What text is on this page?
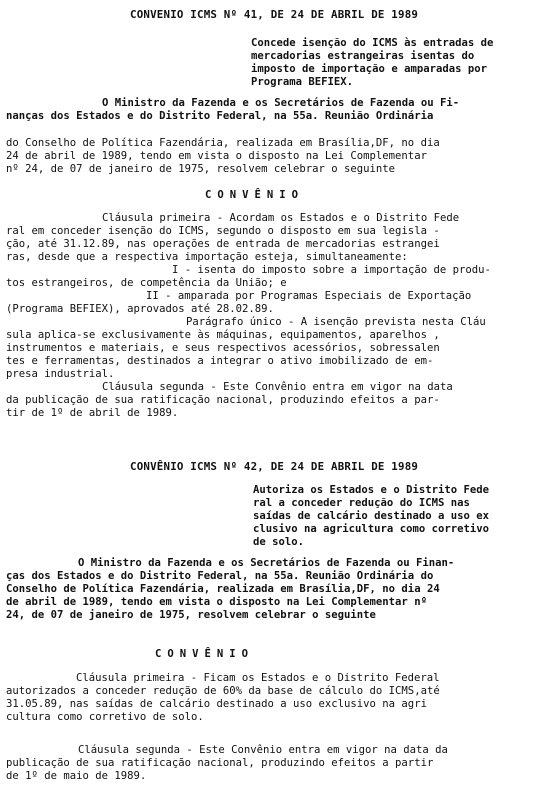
CONVENIO ICMS Nº 41, DE 24 DE ABRIL DE 1989
Concede isenção do ICMS às entradas de
mercadorias estrangeiras isentas do
imposto de importação e amparadas por
Programa BEFIEX.
O Ministro da Fazenda e os Secretários de Fazenda ou Fi-
nanças dos Estados e do Distrito Federal, na 55a. Reunião Ordinária
do Conselho de Política Fazendária, realizada em Brasília,DF, no dia
24 de abril de 1989, tendo em vista o disposto na Lei Complementar
nº 24, de 07 de janeiro de 1975, resolvem celebrar o seguinte
CONVÊNIO
Cláusula primeira - Acordam os Estados e o Distrito Fede
ral em conceder isenção do ICMS, segundo o disposto em sua legisla -
ção, até 31.12.89, nas operações de entrada de mercadorias estrangei
ras, desde que a respectiva importação esteja, simultaneamente:
I - isenta do imposto sobre a importação de produ-
tos estrangeiros, de competência da União; e
II - amparada por Programas Especiais de Exportação
(Programa BEFIEX), aprovados até 28.02.89.
Parágrafo único - A isenção prevista nesta Cláu
sula aplica-se exclusivamente às máquinas, equipamentos, aparelhos ,
instrumentos e materiais, e seus respectivos acessórios, sobressalen
tes e ferramentas, destinados a integrar o ativo imobilizado de em-
presa industrial.
Cláusula segunda - Este Convênio entra em vigor na data
da publicação de sua ratificação nacional, produzindo efeitos a par-
tir de 1º de abril de 1989.
CONVÊNIO ICMS Nº 42, DE 24 DE ABRIL DE 1989
Autoriza os Estados e o Distrito Fede
ral a conceder redução do ICMS nas
saídas de calcário destinado a uso ex
clusivo na agricultura como corretivo
de solo.
O Ministro da Fazenda e os Secretários de Fazenda ou Finan-
ças dos Estados e do Distrito Federal, na 55a. Reunião Ordinária do
Conselho de Política Fazendária, realizada em Brasília,DF, no dia 24
de abril de 1989, tendo em vista o disposto na Lei Complementar nº
24, de 07 de janeiro de 1975, resolvem celebrar o seguinte
CONVÊNIO
Cláusula primeira - Ficam os Estados e o Distrito Federal
autorizados a conceder redução de 60% da base de cálculo do ICMS,até
31.05.89, nas saídas de calcário destinado a uso exclusivo na agri
cultura como corretivo de solo.
Cláusula segunda - Este Convênio entra em vigor na data da
publicação de sua ratificação nacional, produzindo efeitos a partir
de 1º de maio de 1989.
